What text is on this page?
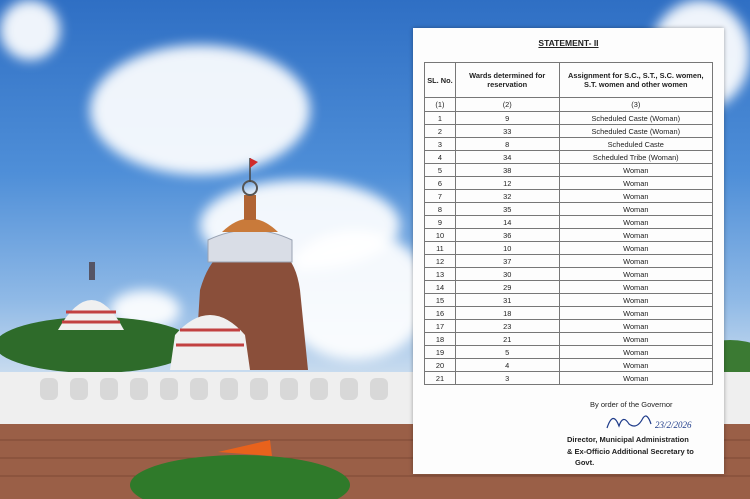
STATEMENT- II
SL. No.	Wards determined for reservation	Assignment for S.C., S.T., S.C. women, S.T. women and other women
(1)	(2)	(3)
1	9	Scheduled Caste (Woman)
2	33	Scheduled Caste (Woman)
3	8	Scheduled Caste
4	34	Scheduled Tribe (Woman)
5	38	Woman
6	12	Woman
7	32	Woman
8	35	Woman
9	14	Woman
10	36	Woman
11	10	Woman
12	37	Woman
13	30	Woman
14	29	Woman
15	31	Woman
16	18	Woman
17	23	Woman
18	21	Woman
19	5	Woman
20	4	Woman
21	3	Woman
By order of the Governor
23/2/2026
Director, Municipal Administration
& Ex-Officio Additional Secretary to
Govt.
